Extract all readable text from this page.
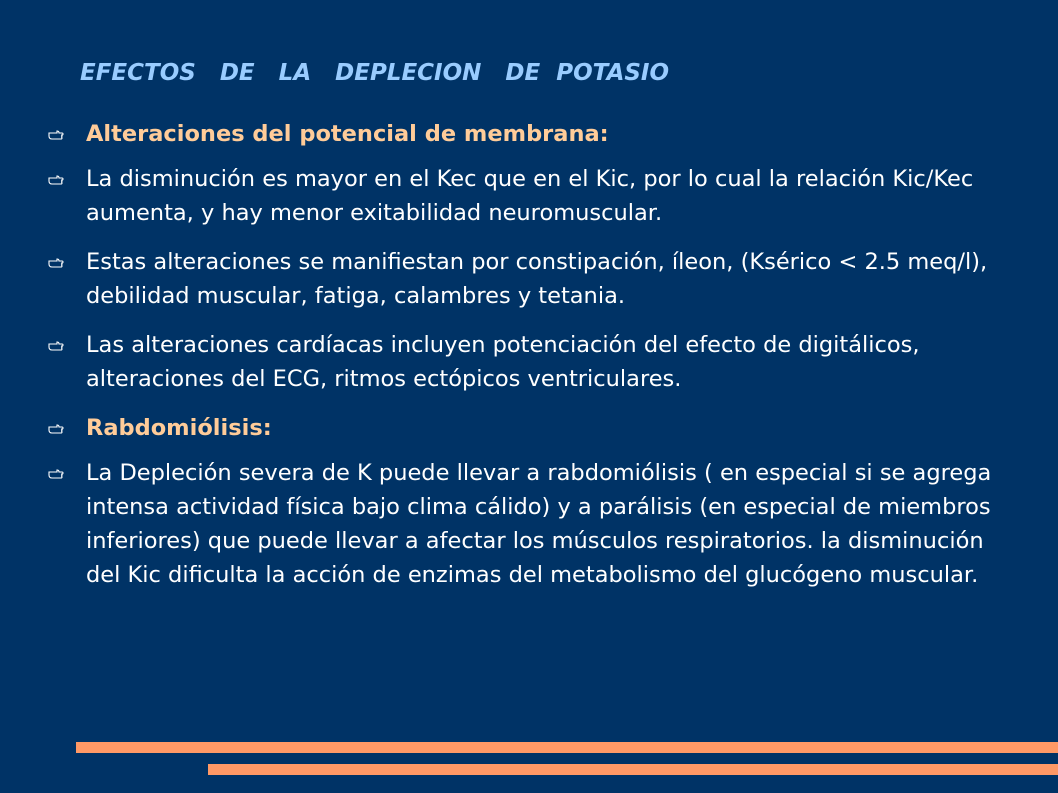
EFECTOS   DE   LA   DEPLECION   DE  POTASIO
Alteraciones del potencial de membrana:
La disminución es mayor en el Kec que en el Kic, por lo cual la relación Kic/Kec aumenta, y hay menor exitabilidad neuromuscular.
Estas alteraciones se manifiestan por constipación, íleon, (Ksérico < 2.5 meq/l), debilidad muscular, fatiga, calambres y tetania.
Las alteraciones cardíacas incluyen potenciación del efecto de digitálicos, alteraciones del ECG, ritmos ectópicos ventriculares.
Rabdomiólisis:
La Depleción severa de K puede llevar a rabdomiólisis ( en especial si se agrega intensa actividad física bajo clima cálido) y a parálisis (en especial de miembros inferiores) que puede llevar a afectar los músculos respiratorios. la disminución del Kic dificulta la acción de enzimas del metabolismo del glucógeno muscular.
